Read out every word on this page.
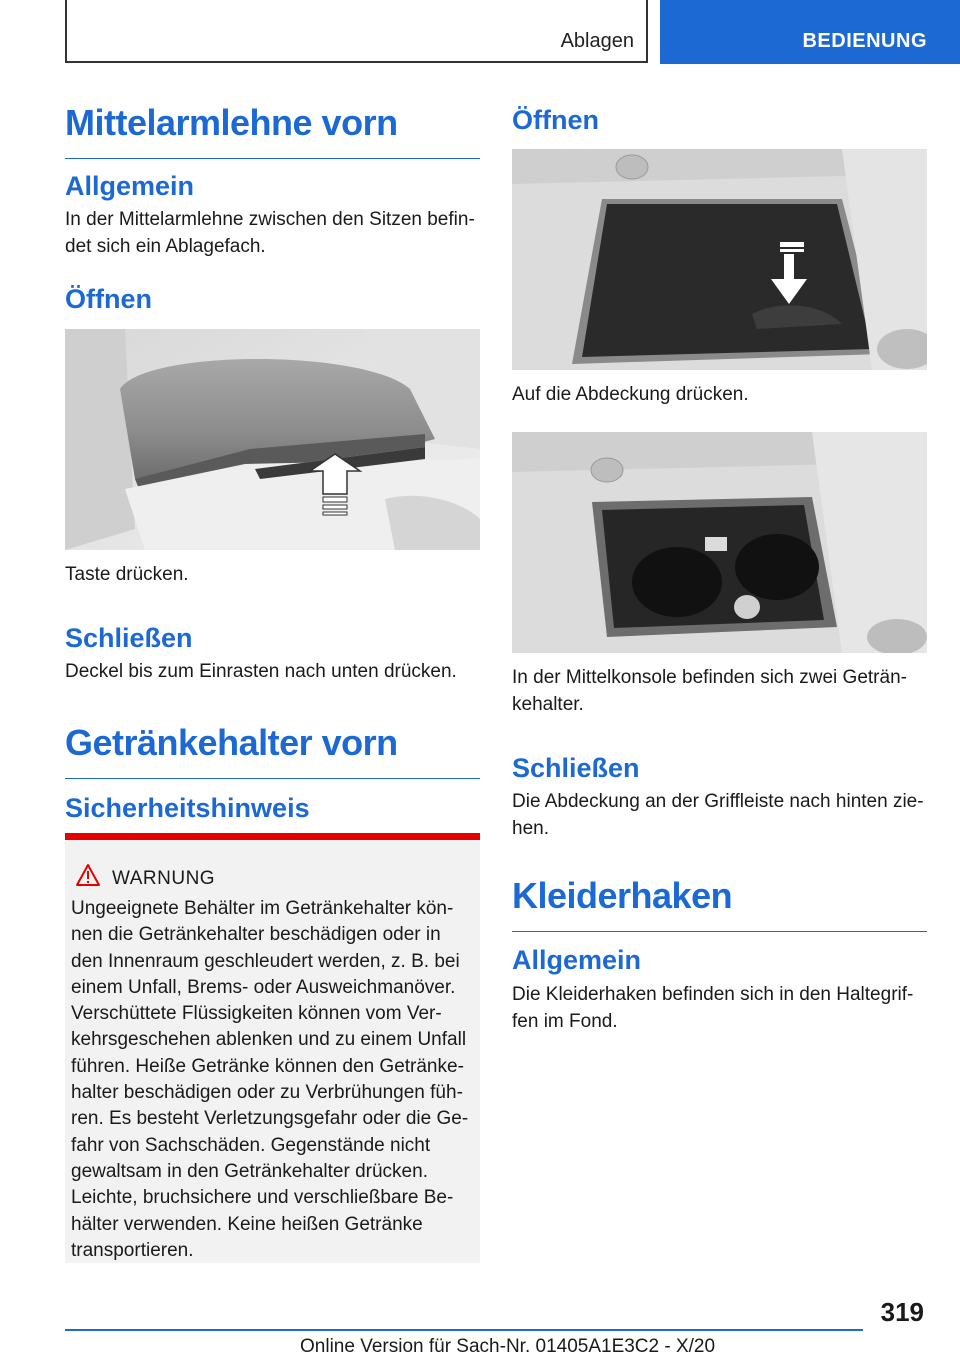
Ablagen	BEDIENUNG
Mittelarmlehne vorn
Allgemein
In der Mittelarmlehne zwischen den Sitzen befindet sich ein Ablagefach.
Öffnen
Taste drücken.
Schließen
Deckel bis zum Einrasten nach unten drücken.
Getränkehalter vorn
Sicherheitshinweis
WARNUNG
Ungeeignete Behälter im Getränkehalter können die Getränkehalter beschädigen oder in den Innenraum geschleudert werden, z. B. bei einem Unfall, Brems- oder Ausweichmanöver. Verschüttete Flüssigkeiten können vom Verkehrsgeschehen ablenken und zu einem Unfall führen. Heiße Getränke können den Getränkehalter beschädigen oder zu Verbrühungen führen. Es besteht Verletzungsgefahr oder die Gefahr von Sachschäden. Gegenstände nicht gewaltsam in den Getränkehalter drücken. Leichte, bruchsichere und verschließbare Behälter verwenden. Keine heißen Getränke transportieren.
Öffnen
Auf die Abdeckung drücken.
In der Mittelkonsole befinden sich zwei Getränkehalter.
Schließen
Die Abdeckung an der Griffleiste nach hinten ziehen.
Kleiderhaken
Allgemein
Die Kleiderhaken befinden sich in den Haltegriffen im Fond.
319
Online Version für Sach-Nr. 01405A1E3C2 - X/20
